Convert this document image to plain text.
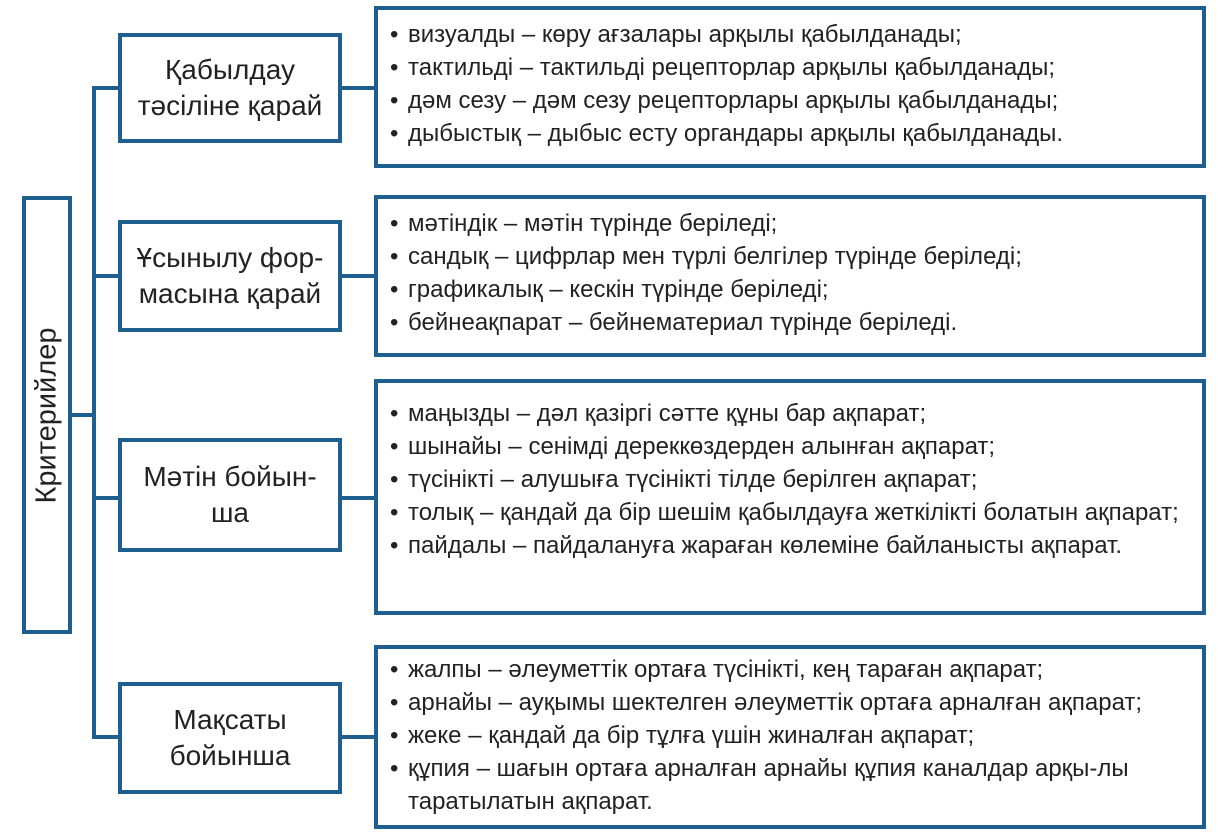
Критерийлер
Қабылдау
тәсіліне қарай
• визуалды – көру ағзалары арқылы қабылданады;
• тактильді – тактильді рецепторлар арқылы қабылданады;
• дәм сезу – дәм сезу рецепторлары арқылы қабылданады;
• дыбыстық – дыбыс есту органдары арқылы қабылданады.
Ұсынылу фор-
масына қарай
• мәтіндік – мәтін түрінде беріледі;
• сандық – цифрлар мен түрлі белгілер түрінде беріледі;
• графикалық – кескін түрінде беріледі;
• бейнеақпарат – бейнематериал түрінде беріледі.
Мәтін бойын-
ша
• маңызды – дәл қазіргі сәтте құны бар ақпарат;
• шынайы – сенімді дереккөздерден алынған ақпарат;
• түсінікті – алушыға түсінікті тілде берілген ақпарат;
• толық – қандай да бір шешім қабылдауға жеткілікті болатын ақпарат;
• пайдалы – пайдалануға жараған көлеміне байланысты ақпарат.
Мақсаты
бойынша
• жалпы – әлеуметтік ортаға түсінікті, кең тараған ақпарат;
• арнайы – ауқымы шектелген әлеуметтік ортаға арналған ақпарат;
• жеке – қандай да бір тұлға үшін жиналған ақпарат;
• құпия – шағын ортаға арналған арнайы құпия каналдар арқы-лы таратылатын ақпарат.
